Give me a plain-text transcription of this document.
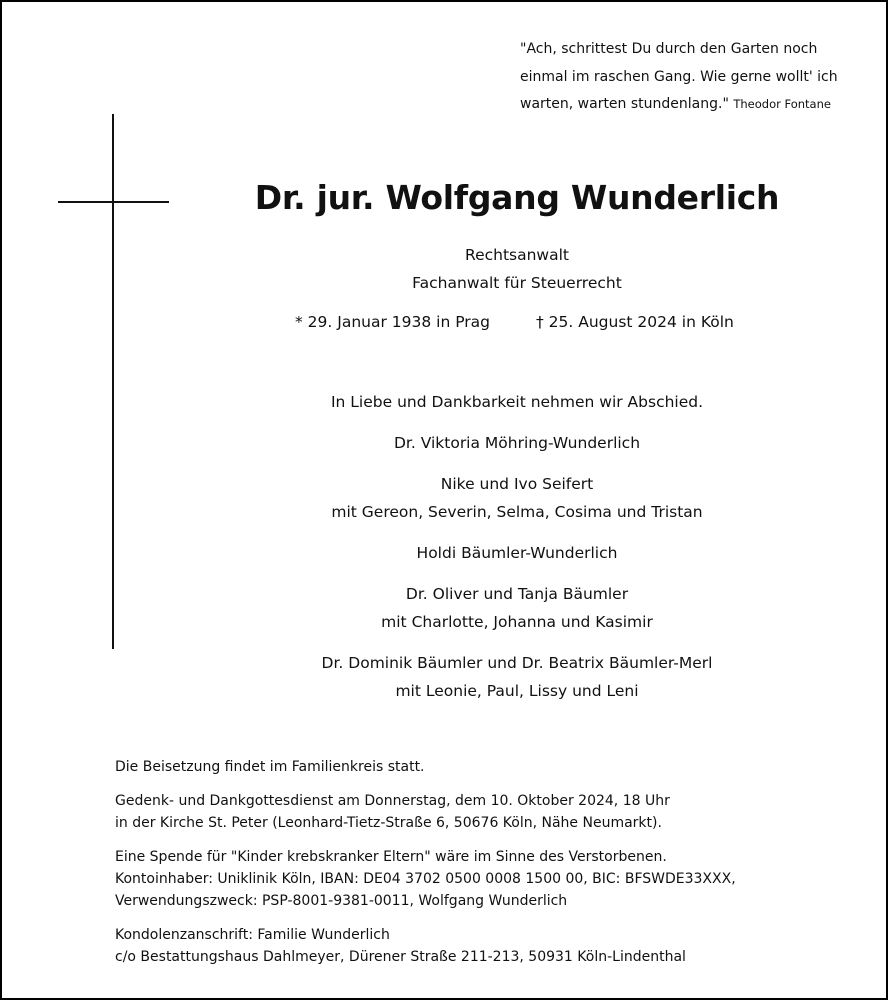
"Ach, schrittest Du durch den Garten noch
einmal im raschen Gang. Wie gerne wollt' ich
warten, warten stundenlang." Theodor Fontane
Dr. jur. Wolfgang Wunderlich
Rechtsanwalt
Fachanwalt für Steuerrecht
* 29. Januar 1938 in Prag	† 25. August 2024 in Köln
In Liebe und Dankbarkeit nehmen wir Abschied.
Dr. Viktoria Möhring-Wunderlich
Nike und Ivo Seifert
mit Gereon, Severin, Selma, Cosima und Tristan
Holdi Bäumler-Wunderlich
Dr. Oliver und Tanja Bäumler
mit Charlotte, Johanna und Kasimir
Dr. Dominik Bäumler und Dr. Beatrix Bäumler-Merl
mit Leonie, Paul, Lissy und Leni
Die Beisetzung findet im Familienkreis statt.
Gedenk- und Dankgottesdienst am Donnerstag, dem 10. Oktober 2024, 18 Uhr
in der Kirche St. Peter (Leonhard-Tietz-Straße 6, 50676 Köln, Nähe Neumarkt).
Eine Spende für "Kinder krebskranker Eltern" wäre im Sinne des Verstorbenen.
Kontoinhaber: Uniklinik Köln, IBAN: DE04 3702 0500 0008 1500 00, BIC: BFSWDE33XXX,
Verwendungszweck: PSP-8001-9381-0011, Wolfgang Wunderlich
Kondolenzanschrift: Familie Wunderlich
c/o Bestattungshaus Dahlmeyer, Dürener Straße 211-213, 50931 Köln-Lindenthal
